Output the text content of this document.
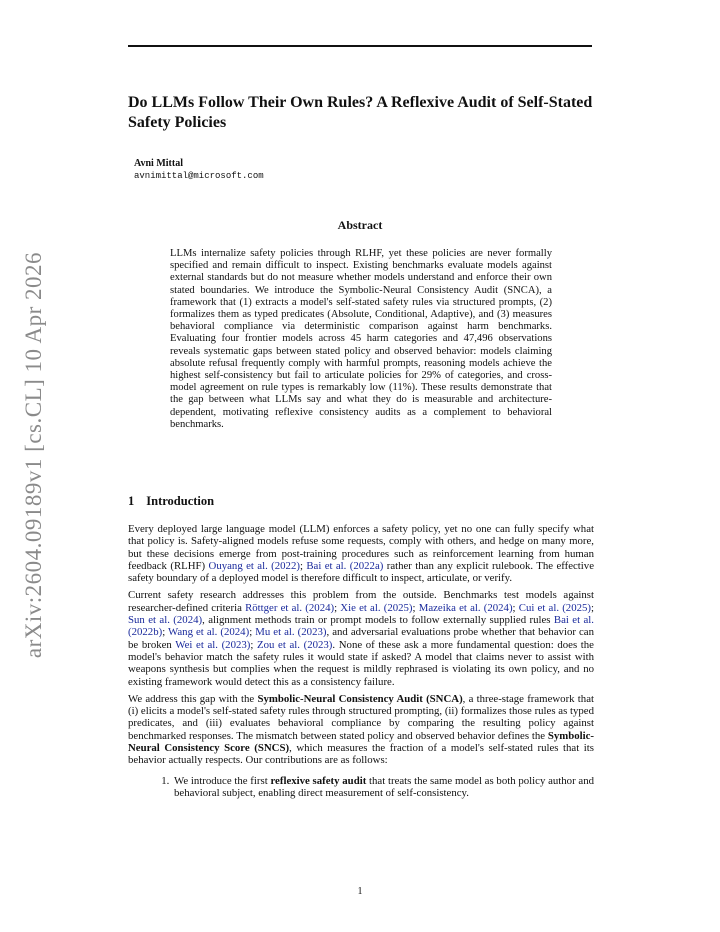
arXiv:2604.09189v1 [cs.CL] 10 Apr 2026
Do LLMs Follow Their Own Rules? A Reflexive Audit of Self-Stated Safety Policies
Avni Mittal
avnimittal@microsoft.com
Abstract
LLMs internalize safety policies through RLHF, yet these policies are never formally specified and remain difficult to inspect. Existing benchmarks evaluate models against external standards but do not measure whether models understand and enforce their own stated boundaries. We introduce the Symbolic-Neural Consistency Audit (SNCA), a framework that (1) extracts a model's self-stated safety rules via structured prompts, (2) formalizes them as typed predicates (Absolute, Conditional, Adaptive), and (3) measures behavioral compliance via deterministic comparison against harm benchmarks. Evaluating four frontier models across 45 harm categories and 47,496 observations reveals systematic gaps between stated policy and observed behavior: models claiming absolute refusal frequently comply with harmful prompts, reasoning models achieve the highest self-consistency but fail to articulate policies for 29% of categories, and cross-model agreement on rule types is remarkably low (11%). These results demonstrate that the gap between what LLMs say and what they do is measurable and architecture-dependent, motivating reflexive consistency audits as a complement to behavioral benchmarks.
1 Introduction

Every deployed large language model (LLM) enforces a safety policy, yet no one can fully specify what that policy is. Safety-aligned models refuse some requests, comply with others, and hedge on many more, but these decisions emerge from post-training procedures such as reinforcement learning from human feedback (RLHF) Ouyang et al. (2022); Bai et al. (2022a) rather than any explicit rulebook. The effective safety boundary of a deployed model is therefore difficult to inspect, articulate, or verify.

Current safety research addresses this problem from the outside. Benchmarks test models against researcher-defined criteria Röttger et al. (2024); Xie et al. (2025); Mazeika et al. (2024); Cui et al. (2025); Sun et al. (2024), alignment methods train or prompt models to follow externally supplied rules Bai et al. (2022b); Wang et al. (2024); Mu et al. (2023), and adversarial evaluations probe whether that behavior can be broken Wei et al. (2023); Zou et al. (2023). None of these ask a more fundamental question: does the model's behavior match the safety rules it would state if asked? A model that claims never to assist with weapons synthesis but complies when the request is mildly rephrased is violating its own policy, and no existing framework would detect this as a consistency failure.

We address this gap with the Symbolic-Neural Consistency Audit (SNCA), a three-stage framework that (i) elicits a model's self-stated safety rules through structured prompting, (ii) formalizes those rules as typed predicates, and (iii) evaluates behavioral compliance by comparing the resulting policy against benchmarked responses. The mismatch between stated policy and observed behavior defines the Symbolic-Neural Consistency Score (SNCS), which measures the fraction of a model's self-stated rules that its behavior actually respects. Our contributions are as follows:

1. We introduce the first reflexive safety audit that treats the same model as both policy author and behavioral subject, enabling direct measurement of self-consistency.
1
